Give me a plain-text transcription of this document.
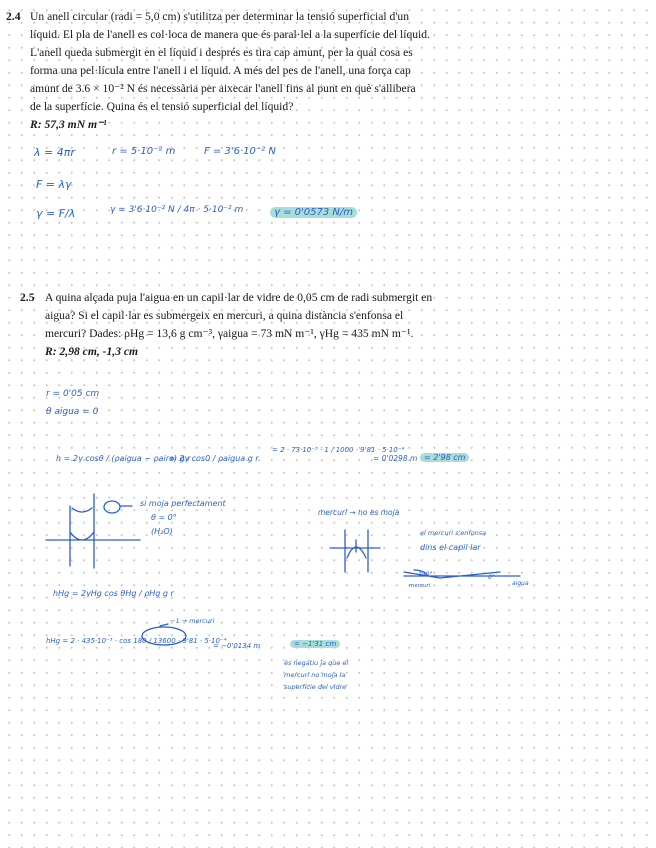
2.4 Un anell circular (radi = 5,0 cm) s'utilitza per determinar la tensió superficial d'un
líquid. El pla de l'anell es col·loca de manera que és paral·lel a la superfície del líquid.
L'anell queda submergit en el líquid i després es tira cap amunt, per la qual cosa es
forma una pel·lícula entre l'anell i el líquid. A més del pes de l'anell, una força cap
amunt de 3.6 × 10⁻² N és necessària per aixecar l'anell fins al punt en què s'allibera
de la superfície. Quina és el tensió superficial del líquid?
R: 57,3 mN m⁻¹
λ = 4πr	r = 5·10⁻² m	F = 3'6·10⁻² N
F = λγ
γ = F/λ	γ = 3'6·10⁻² N / 4π · 5·10⁻² m	γ = 0'0573 N/m
2.5 A quina alçada puja l'aigua en un capil·lar de vidre de 0,05 cm de radi submergit en
aigua? Si el capil·lar es submergeix en mercuri, a quina distància s'enfonsa el
mercuri? Dades: ρHg = 13,6 g cm⁻³, γaigua = 73 mN m⁻¹, γHg = 435 mN m⁻¹.
R: 2,98 cm, -1,3 cm
r = 0'05 cm
θ aigua = 0
h = 2γ cosθ / (ρaigua − ρaire) g r
= 2γ cos0 / ρaigua g r
= 2 · 73·10⁻³ · 1 / 1000 · 9'81 · 5·10⁻⁴
= 0'0298 m = 2'98 cm
si moja perfectament
θ = 0°
(H₂O)
mercuri → no es moja
el mercuri s'enfonsa
dins el capil·lar
mercuri
140°	0°
aigua
hHg = 2γHg cos θHg / ρHg g r
−1 → mercuri
hHg = 2 · 435·10⁻³ · cos 180 / 13600 · 9'81 · 5·10⁻⁴
= −0'0134 m	= −1'31 cm
és negatiu ja que el
mercuri no moja la
superfície del vidre
